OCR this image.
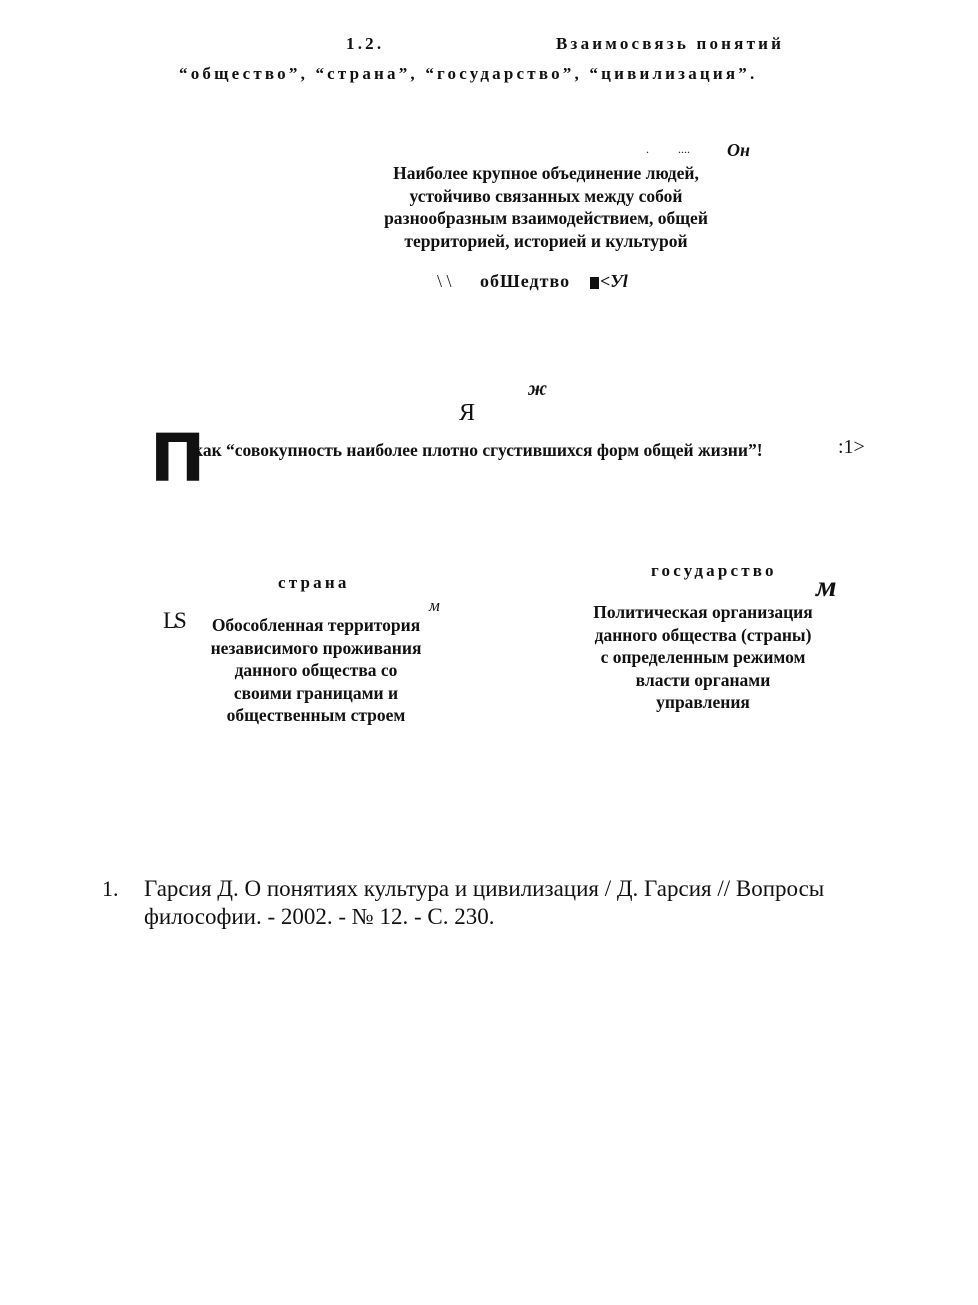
1.2.	Взаимосвязь понятий
“общество”, “страна”, “государство”, “цивилизация”.
. .... Он
Наиболее крупное объединение людей,
устойчиво связанных между собой
разнообразным взаимодействием, общей
территорией, историей и культурой
\ \ обШедтво <Уl
ж
Я
П
как “совокупность наиболее плотно сгустившихся форм общей жизни”!	:1>
страна
м
LS	Обособленная территория
независимого проживания
данного общества со
своими границами и
общественным строем
государство м
Политическая организация
данного общества (страны)
с определенным режимом
власти органами
управления
1. Гарсия Д. О понятиях культура и цивилизация / Д. Гарсия // Вопросы
философии. - 2002. - № 12. - С. 230.
